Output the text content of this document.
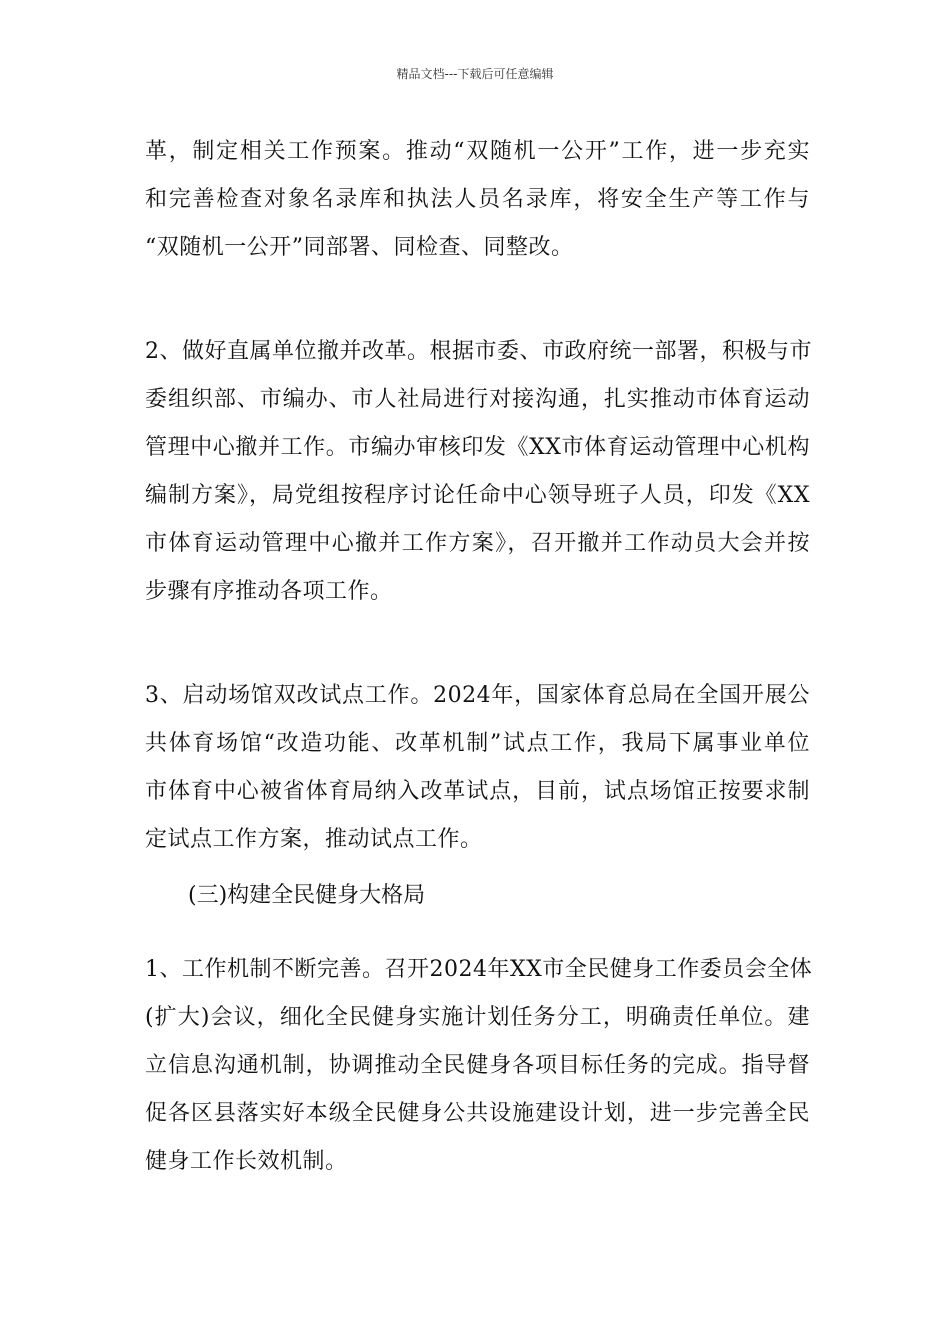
精品文档---下载后可任意编辑
革，制定相关工作预案。推动“双随机一公开”工作，进一步充实
和完善检查对象名录库和执法人员名录库，将安全生产等工作与
“双随机一公开”同部署、同检查、同整改。
2、做好直属单位撤并改革。根据市委、市政府统一部署，积极与市
委组织部、市编办、市人社局进行对接沟通，扎实推动市体育运动
管理中心撤并工作。市编办审核印发《XX市体育运动管理中心机构
编制方案》，局党组按程序讨论任命中心领导班子人员，印发《XX
市体育运动管理中心撤并工作方案》，召开撤并工作动员大会并按
步骤有序推动各项工作。
3、启动场馆双改试点工作。2024年，国家体育总局在全国开展公
共体育场馆“改造功能、改革机制”试点工作，我局下属事业单位
市体育中心被省体育局纳入改革试点，目前，试点场馆正按要求制
定试点工作方案，推动试点工作。
(三)构建全民健身大格局
1、工作机制不断完善。召开2024年XX市全民健身工作委员会全体
(扩大)会议，细化全民健身实施计划任务分工，明确责任单位。建
立信息沟通机制，协调推动全民健身各项目标任务的完成。指导督
促各区县落实好本级全民健身公共设施建设计划，进一步完善全民
健身工作长效机制。
